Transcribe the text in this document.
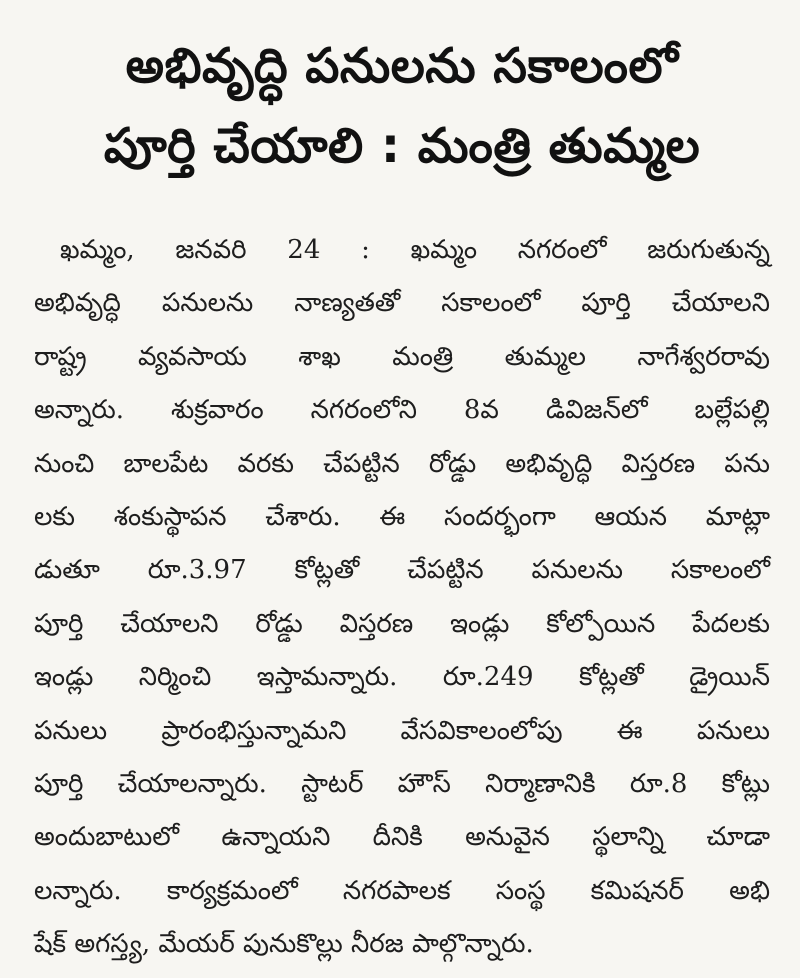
అభివృద్ధి పనులను సకాలంలో
పూర్తి చేయాలి : మంత్రి తుమ్మల
ఖమ్మం, జనవరి 24 : ఖమ్మం నగరంలో జరుగుతున్న
అభివృద్ధి పనులను నాణ్యతతో సకాలంలో పూర్తి చేయాలని
రాష్ట్ర వ్యవసాయ శాఖ మంత్రి తుమ్మల నాగేశ్వరరావు
అన్నారు. శుక్రవారం నగరంలోని 8వ డివిజన్‌లో బల్లేపల్లి
నుంచి బాలపేట వరకు చేపట్టిన రోడ్డు అభివృద్ధి విస్తరణ పను
లకు శంకుస్థాపన చేశారు. ఈ సందర్భంగా ఆయన మాట్లా
డుతూ రూ.3.97 కోట్లతో చేపట్టిన పనులను సకాలంలో
పూర్తి చేయాలని రోడ్డు విస్తరణ ఇండ్లు కోల్పోయిన పేదలకు
ఇండ్లు నిర్మించి ఇస్తామన్నారు. రూ.249 కోట్లతో డ్రైయిన్
పనులు ప్రారంభిస్తున్నామని వేసవికాలంలోపు ఈ పనులు
పూర్తి చేయాలన్నారు. స్టాటర్ హౌస్ నిర్మాణానికి రూ.8 కోట్లు
అందుబాటులో ఉన్నాయని దీనికి అనువైన స్థలాన్ని చూడా
లన్నారు. కార్యక్రమంలో నగరపాలక సంస్థ కమిషనర్ అభి
షేక్ అగస్త్య, మేయర్ పునుకొల్లు నీరజ పాల్గొన్నారు.
